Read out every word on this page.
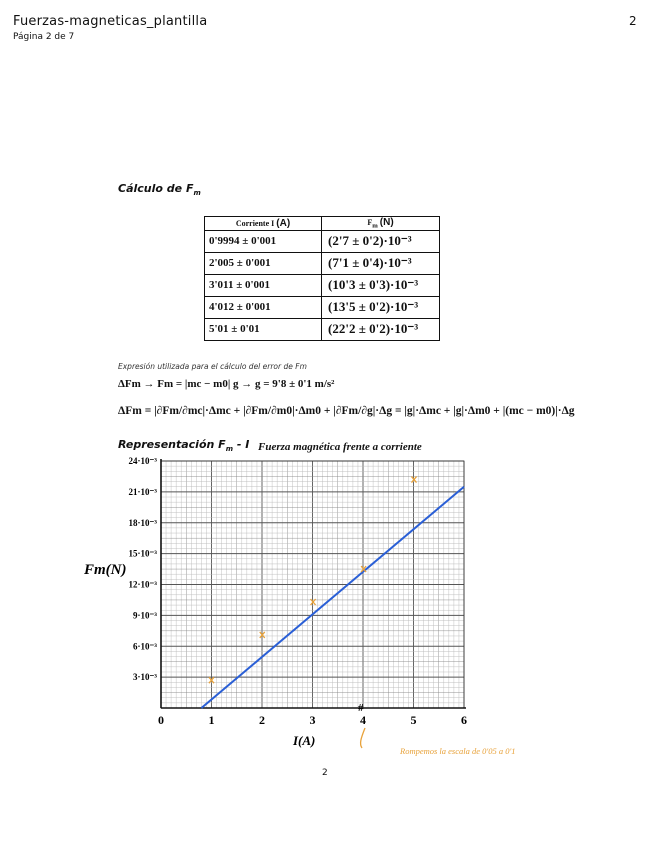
Fuerzas-magneticas_plantilla
Página 2 de 7
2
Cálculo de $F_m$
Corriente I (A)	$F_m$ (N)
0'9994 ± 0'001	(2'7 ± 0'2)·10⁻³
2'005 ± 0'001	(7'1 ± 0'4)·10⁻³
3'011 ± 0'001	(10'3 ± 0'3)·10⁻³
4'012 ± 0'001	(13'5 ± 0'2)·10⁻³
5'01 ± 0'01	(22'2 ± 0'2)·10⁻³
Expresión utilizada para el cálculo del error de Fm
ΔFm → Fm = |mc − m0| g → g = 9'8 ± 0'1 m/s²
ΔFm = |∂Fm/∂mc|·Δmc + |∂Fm/∂m0|·Δm0 + |∂Fm/∂g|·Δg = |g|·Δmc + |g|·Δm0 + |(mc − m0)|·Δg
Representación $F_m$ - I Fuerza magnética frente a corriente
0	1	2	3	4	5	6
3·10⁻³
6·10⁻³
9·10⁻³
12·10⁻³
15·10⁻³
18·10⁻³
21·10⁻³
24·10⁻³
Fm(N)
I(A)
Rompemos la escala de 0'05 a 0'1
#
2
